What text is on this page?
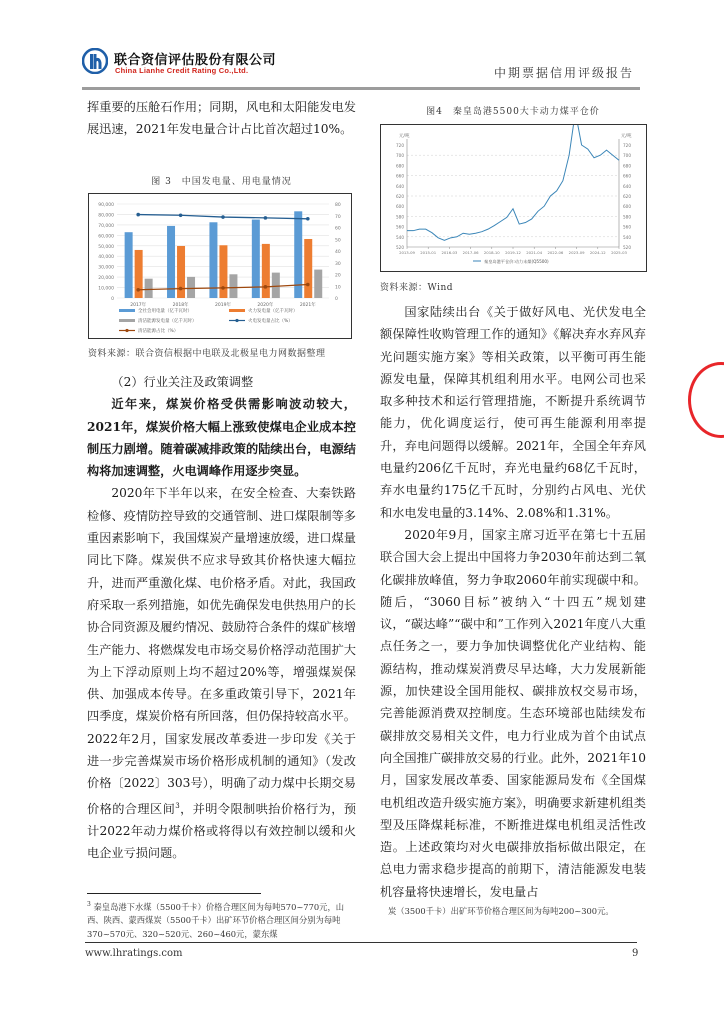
联合资信评估股份有限公司
China Lianhe Credit Rating Co.,Ltd.	中期票据信用评级报告

挥重要的压舱石作用；同期，风电和太阳能发电发展迅速，2021年发电量合计占比首次超过10%。

图 3　中国发电量、用电量情况
0
10,000
20,000
30,000
40,000
50,000
60,000
70,000
80,000
90,000
0
10
20
30
40
50
60
70
80
2017年	2018年	2019年	2020年	2021年
全社会用电量（亿千瓦时）	火力发电量（亿千瓦时）
清洁能源发电量（亿千瓦时）	火电发电量占比（%）
清洁能源占比（%）
资料来源：联合资信根据中电联及北极星电力网数据整理

（2）行业关注及政策调整

近年来，煤炭价格受供需影响波动较大，2021年，煤炭价格大幅上涨致使煤电企业成本控制压力剧增。随着碳减排政策的陆续出台，电源结构将加速调整，火电调峰作用逐步突显。

2020年下半年以来，在安全检查、大秦铁路检修、疫情防控导致的交通管制、进口煤限制等多重因素影响下，我国煤炭产量增速放缓，进口煤量同比下降。煤炭供不应求导致其价格快速大幅拉升，进而严重激化煤、电价格矛盾。对此，我国政府采取一系列措施，如优先确保发电供热用户的长协合同资源及履约情况、鼓励符合条件的煤矿核增生产能力、将燃煤发电市场交易价格浮动范围扩大为上下浮动原则上均不超过20%等，增强煤炭保供、加强成本传导。在多重政策引导下，2021年四季度，煤炭价格有所回落，但仍保持较高水平。2022年2月，国家发展改革委进一步印发《关于进一步完善煤炭市场价格形成机制的通知》（发改价格〔2022〕303号），明确了动力煤中长期交易价格的合理区间$^3$，并明令限制哄抬价格行为，预计2022年动力煤价格或将得以有效控制以缓和火电企业亏损问题。

图4　秦皇岛港5500大卡动力煤平仓价
元/吨	元/吨
520	520
540	540
560	560
580	580
600	600
620	620
640	640
660	660
680	680
700	700
720	720
2013-09 2015-01 2016-03 2017-06 2018-10 2019-12 2021-04 2022-06 2023-09 2024-12 2025-03
秦皇岛港平仓价:动力末煤(Q5500)
资料来源：Wind

国家陆续出台《关于做好风电、光伏发电全额保障性收购管理工作的通知》《解决弃水弃风弃光问题实施方案》等相关政策，以平衡可再生能源发电量，保障其机组利用水平。电网公司也采取多种技术和运行管理措施，不断提升系统调节能力，优化调度运行，使可再生能源利用率提升，弃电问题得以缓解。2021年，全国全年弃风电量约206亿千瓦时，弃光电量约68亿千瓦时，弃水电量约175亿千瓦时，分别约占风电、光伏和水电发电量的3.14%、2.08%和1.31%。

2020年9月，国家主席习近平在第七十五届联合国大会上提出中国将力争2030年前达到二氧化碳排放峰值，努力争取2060年前实现碳中和。随后，“3060目标”被纳入“十四五”规划建议，“碳达峰”“碳中和”工作列入2021年度八大重点任务之一，要力争加快调整优化产业结构、能源结构，推动煤炭消费尽早达峰，大力发展新能源，加快建设全国用能权、碳排放权交易市场，完善能源消费双控制度。生态环境部也陆续发布碳排放交易相关文件，电力行业成为首个由试点向全国推广碳排放交易的行业。此外，2021年10月，国家发展改革委、国家能源局发布《全国煤电机组改造升级实施方案》，明确要求新建机组类型及压降煤耗标准，不断推进煤电机组灵活性改造。上述政策均对火电碳排放指标做出限定，在总电力需求稳步提高的前期下，清洁能源发电装机容量将快速增长，发电量占

$^3$ 秦皇岛港下水煤（5500千卡）价格合理区间为每吨570~770元，山西、陕西、蒙西煤炭（5500千卡）出矿环节价格合理区间分别为每吨370~570元、320~520元、260~460元，蒙东煤
炭（3500千卡）出矿环节价格合理区间为每吨200~300元。
www.lhratings.com	9
